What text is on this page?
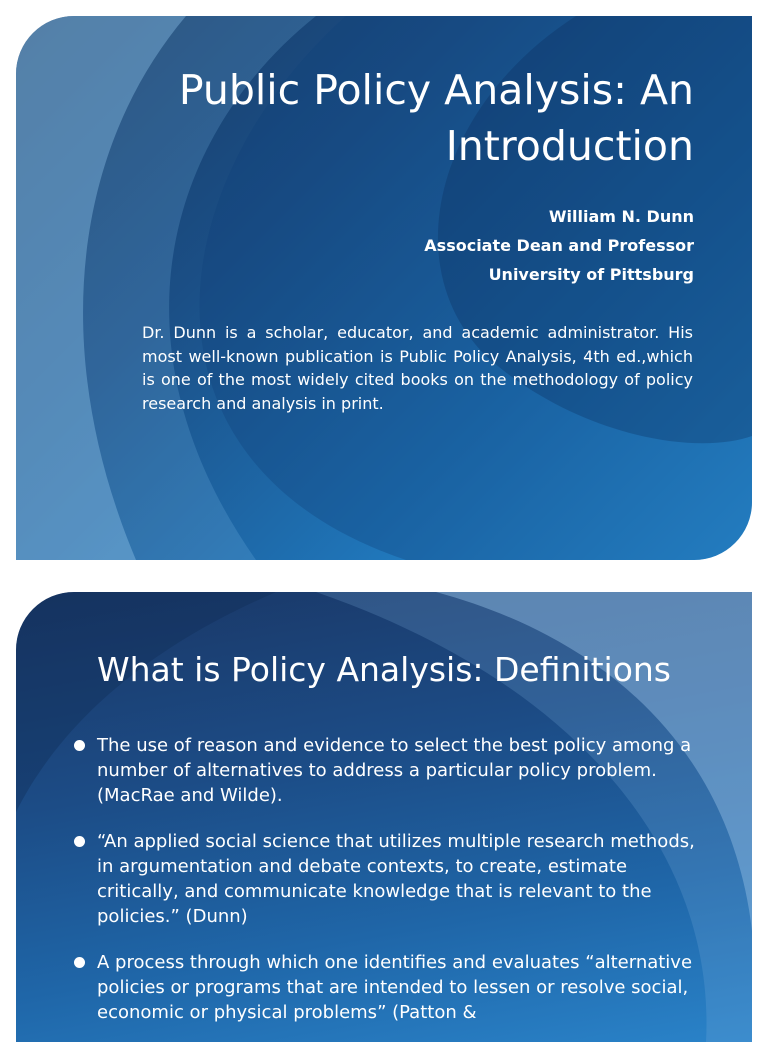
Public Policy Analysis: An Introduction
William N. Dunn
Associate Dean and Professor
University of Pittsburg

Dr. Dunn is a scholar, educator, and academic administrator. His most well-known publication is Public Policy Analysis, 4th ed.,which is one of the most widely cited books on the methodology of policy research and analysis in print.

What is Policy Analysis: Definitions
The use of reason and evidence to select the best policy among a number of alternatives to address a particular policy problem. (MacRae and Wilde).
“An applied social science that utilizes multiple research methods, in argumentation and debate contexts, to create, estimate critically, and communicate knowledge that is relevant to the policies.” (Dunn)
A process through which one identifies and evaluates “alternative policies or programs that are intended to lessen or resolve social, economic or physical problems” (Patton &
